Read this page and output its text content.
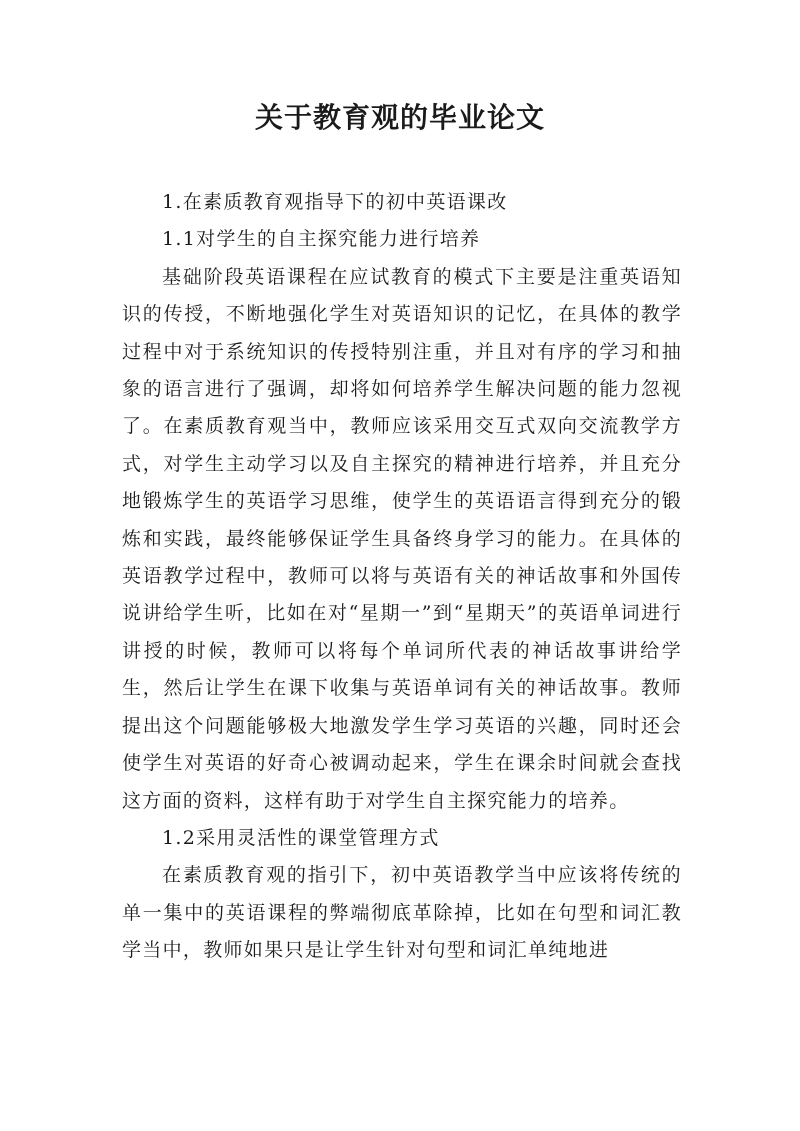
关于教育观的毕业论文

1.在素质教育观指导下的初中英语课改

1.1对学生的自主探究能力进行培养

基础阶段英语课程在应试教育的模式下主要是注重英语知识的传授，不断地强化学生对英语知识的记忆，在具体的教学过程中对于系统知识的传授特别注重，并且对有序的学习和抽象的语言进行了强调，却将如何培养学生解决问题的能力忽视了。在素质教育观当中，教师应该采用交互式双向交流教学方式，对学生主动学习以及自主探究的精神进行培养，并且充分地锻炼学生的英语学习思维，使学生的英语语言得到充分的锻炼和实践，最终能够保证学生具备终身学习的能力。在具体的英语教学过程中，教师可以将与英语有关的神话故事和外国传说讲给学生听，比如在对“星期一”到“星期天”的英语单词进行讲授的时候，教师可以将每个单词所代表的神话故事讲给学生，然后让学生在课下收集与英语单词有关的神话故事。教师提出这个问题能够极大地激发学生学习英语的兴趣，同时还会使学生对英语的好奇心被调动起来，学生在课余时间就会查找这方面的资料，这样有助于对学生自主探究能力的培养。

1.2采用灵活性的课堂管理方式

在素质教育观的指引下，初中英语教学当中应该将传统的单一集中的英语课程的弊端彻底革除掉，比如在句型和词汇教学当中，教师如果只是让学生针对句型和词汇单纯地进
